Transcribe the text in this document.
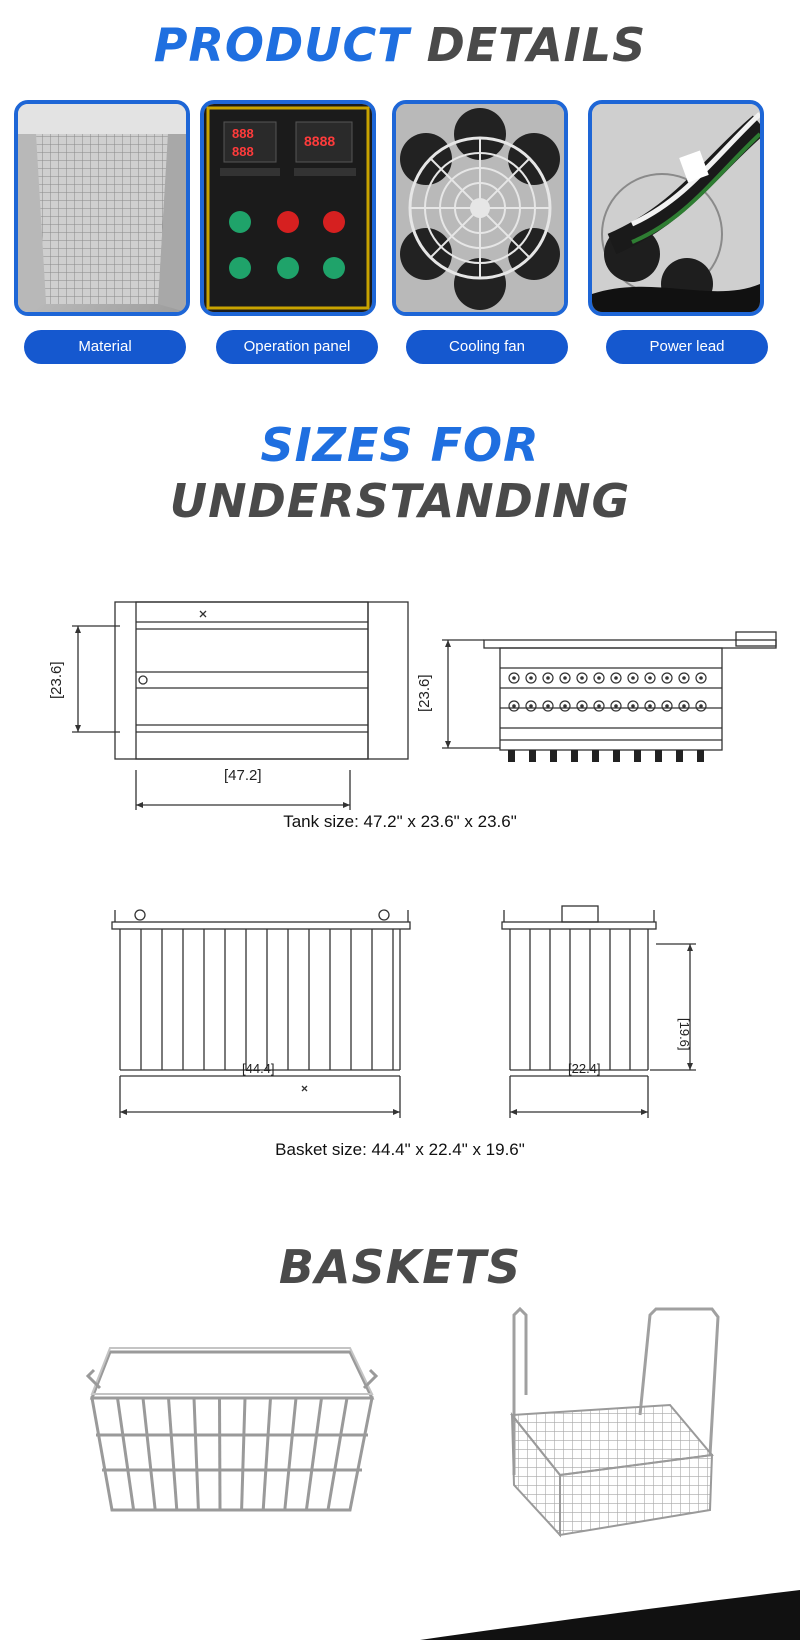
PRODUCT DETAILS
888
888
8888
Material	Operation panel	Cooling fan	Power lead
SIZES FOR
UNDERSTANDING
[23.6]	[23.6]
[47.2]
Tank size: 47.2" x 23.6" x 23.6"
[44.4]	[22.4]
[19.6]
Basket size: 44.4" x 22.4" x 19.6"
BASKETS
